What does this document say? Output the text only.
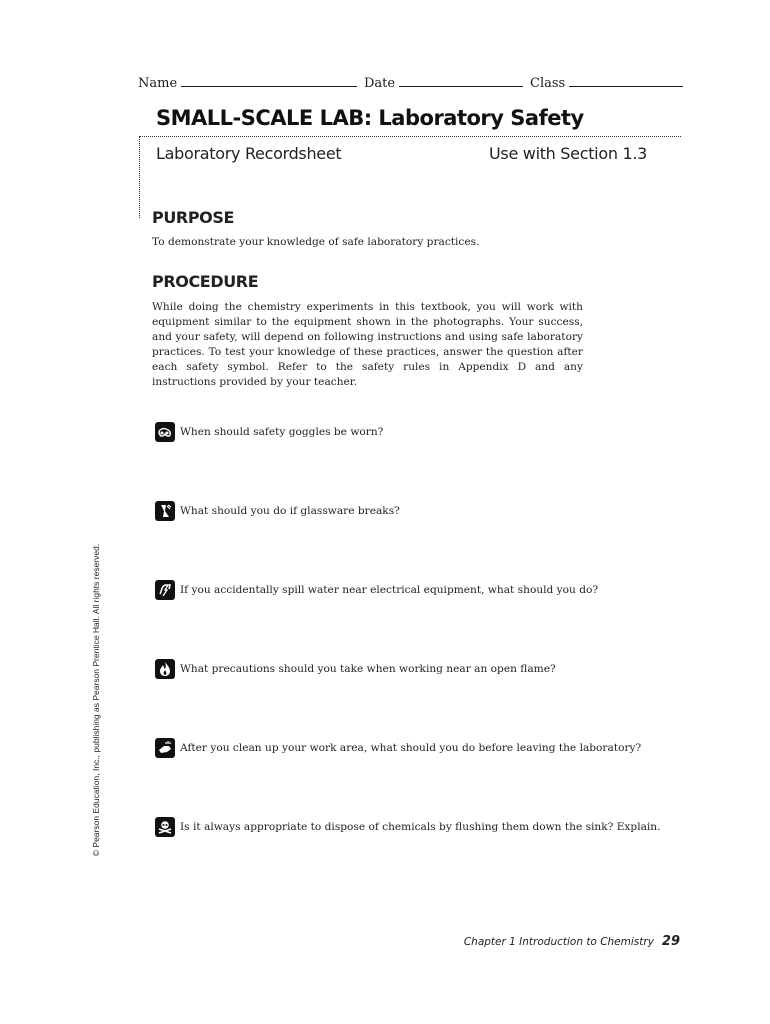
Name	Date	Class
SMALL-SCALE LAB: Laboratory Safety
Laboratory Recordsheet	Use with Section 1.3
PURPOSE
To demonstrate your knowledge of safe laboratory practices.
PROCEDURE
While doing the chemistry experiments in this textbook, you will work with equipment similar to the equipment shown in the photographs. Your success, and your safety, will depend on following instructions and using safe laboratory practices. To test your knowledge of these practices, answer the question after each safety symbol. Refer to the safety rules in Appendix D and any instructions provided by your teacher.
When should safety goggles be worn?
What should you do if glassware breaks?
If you accidentally spill water near electrical equipment, what should you do?
What precautions should you take when working near an open flame?
After you clean up your work area, what should you do before leaving the laboratory?
Is it always appropriate to dispose of chemicals by flushing them down the sink? Explain.
© Pearson Education, Inc., publishing as Pearson Prentice Hall. All rights reserved.
Chapter 1 Introduction to Chemistry 29
